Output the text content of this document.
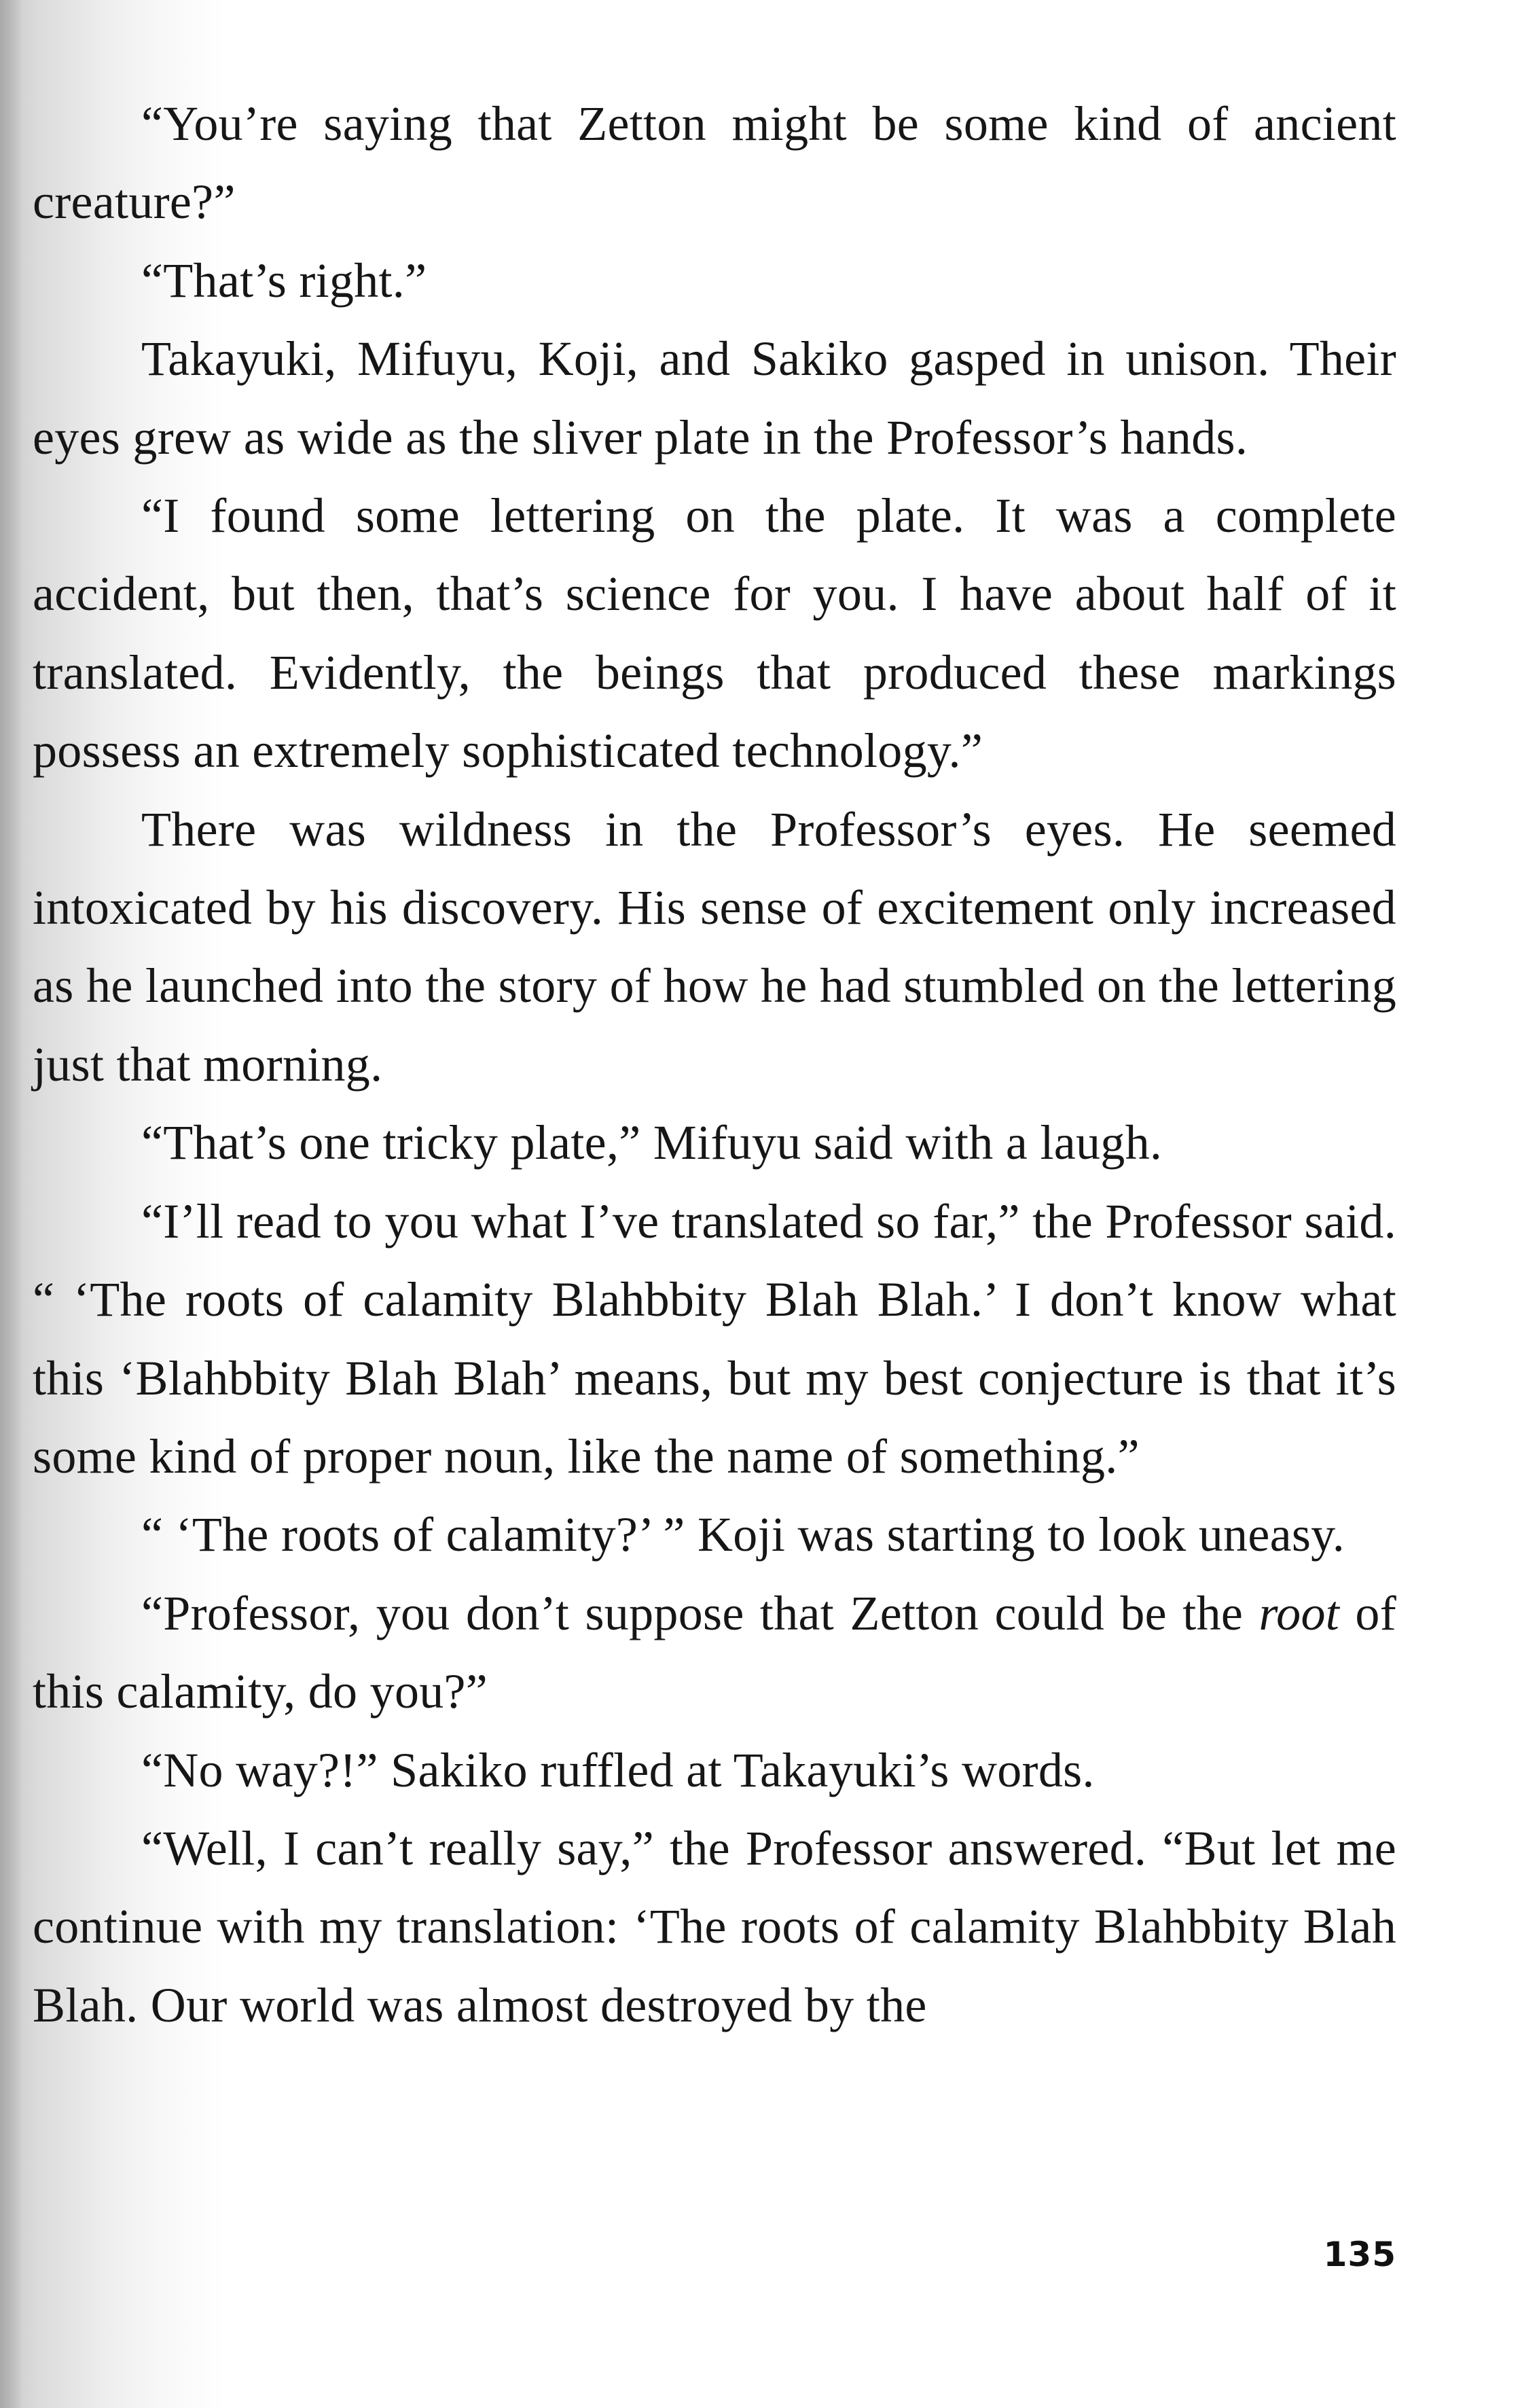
“You’re saying that Zetton might be some kind of ancient creature?”

“That’s right.”

Takayuki, Mifuyu, Koji, and Sakiko gasped in unison. Their eyes grew as wide as the sliver plate in the Professor’s hands.

“I found some lettering on the plate. It was a complete accident, but then, that’s science for you. I have about half of it translated. Evidently, the beings that produced these markings possess an extremely sophisticated technology.”

There was wildness in the Professor’s eyes. He seemed intoxicated by his discovery. His sense of excitement only increased as he launched into the story of how he had stumbled on the lettering just that morning.

“That’s one tricky plate,” Mifuyu said with a laugh.

“I’ll read to you what I’ve translated so far,” the Professor said. “ ‘The roots of calamity Blahbbity Blah Blah.’ I don’t know what this ‘Blahbbity Blah Blah’ means, but my best conjecture is that it’s some kind of proper noun, like the name of something.”

“ ‘The roots of calamity?’ ” Koji was starting to look uneasy.

“Professor, you don’t suppose that Zetton could be the root of this calamity, do you?”

“No way?!” Sakiko ruffled at Takayuki’s words.

“Well, I can’t really say,” the Professor answered. “But let me continue with my translation: ‘The roots of calamity Blahbbity Blah Blah. Our world was almost destroyed by the

135
